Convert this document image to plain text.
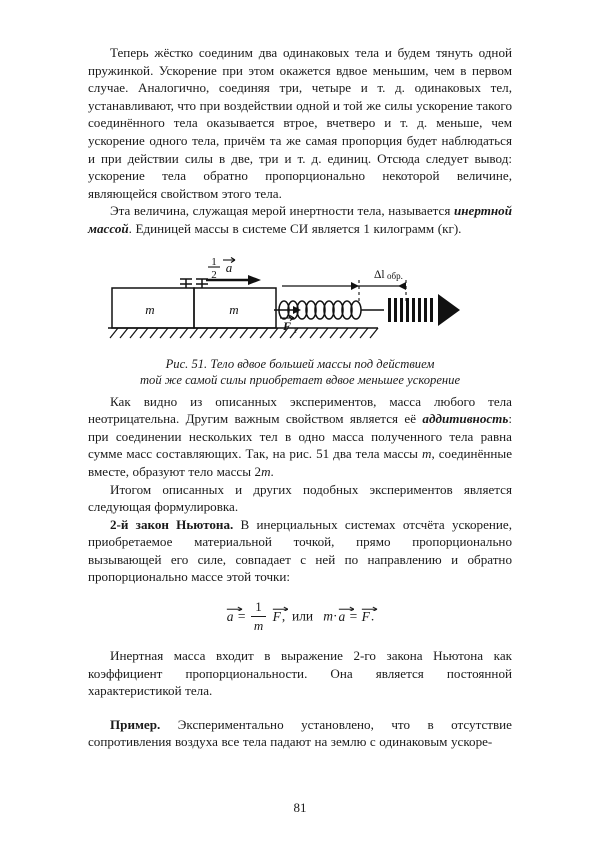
Теперь жёстко соединим два одинаковых тела и будем тянуть одной пружинкой. Ускорение при этом окажется вдвое меньшим, чем в первом случае. Аналогично, соединяя три, четыре и т. д. одинаковых тел, устанавливают, что при воздействии одной и той же силы ускорение такого соединённого тела оказывается втрое, вчетверо и т. д. меньше, чем ускорение одного тела, причём та же самая пропорция будет наблюдаться и при действии силы в две, три и т. д. единиц. Отсюда следует вывод: ускорение тела обратно пропорционально некоторой величине, являющейся свойством этого тела.

Эта величина, служащая мерой инертности тела, называется инертной массой. Единицей массы в системе СИ является 1 килограмм (кг).

m	m
1
2 a
F 1
Δl обр.

Рис. 51. Тело вдвое большей массы под действием
той же самой силы приобретает вдвое меньшее ускорение

Как видно из описанных экспериментов, масса любого тела неотрицательна. Другим важным свойством является её аддитивность: при соединении нескольких тел в одно масса полученного тела равна сумме масс составляющих. Так, на рис. 51 два тела массы m, соединённые вместе, образуют тело массы 2m.

Итогом описанных и других подобных экспериментов является следующая формулировка.

2-й закон Ньютона. В инерциальных системах отсчёта ускорение, приобретаемое материальной точкой, прямо пропорционально вызывающей его силе, совпадает с ней по направлению и обратно пропорционально массе этой точки:

$a = \frac{1}{m}$ F
, или m·a = F
.

Инертная масса входит в выражение 2-го закона Ньютона как коэффициент пропорциональности. Она является постоянной характеристикой тела.

Пример. Экспериментально установлено, что в отсутствие сопротивления воздуха все тела падают на землю с одинаковым ускоре-

81
